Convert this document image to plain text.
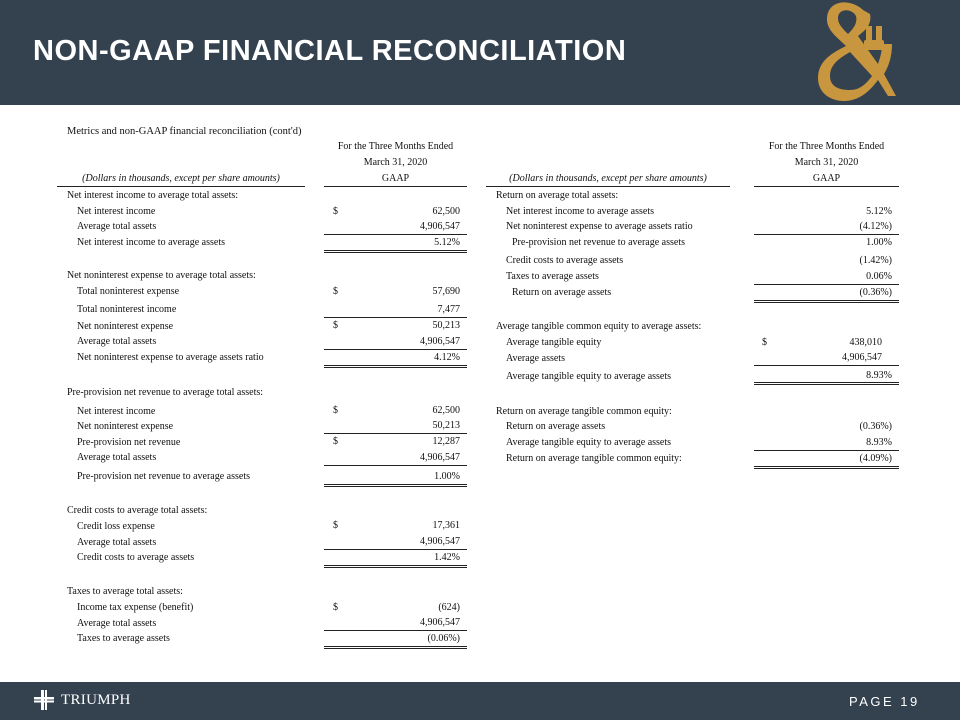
NON-GAAP FINANCIAL RECONCILIATION
Metrics and non-GAAP financial reconciliation (cont'd)
For the Three Months Ended
March 31, 2020
(Dollars in thousands, except per share amounts)	GAAP
For the Three Months Ended
March 31, 2020
(Dollars in thousands, except per share amounts)	GAAP
Net interest income to average total assets:
Net interest income	$	62,500
Average total assets	4,906,547
Net interest income to average assets	5.12%
Net noninterest expense to average total assets:
Total noninterest expense	$	57,690
Total noninterest income	7,477
Net noninterest expense	$	50,213
Average total assets	4,906,547
Net noninterest expense to average assets ratio	4.12%
Pre-provision net revenue to average total assets:
Net interest income	$	62,500
Net noninterest expense	50,213
Pre-provision net revenue	$	12,287
Average total assets	4,906,547
Pre-provision net revenue to average assets	1.00%
Credit costs to average total assets:
Credit loss expense	$	17,361
Average total assets	4,906,547
Credit costs to average assets	1.42%
Taxes to average total assets:
Income tax expense (benefit)	$	(624)
Average total assets	4,906,547
Taxes to average assets	(0.06%)
Return on average total assets:
Net interest income to average assets	5.12%
Net noninterest expense to average assets ratio	(4.12%)
Pre-provision net revenue to average assets	1.00%
Credit costs to average assets	(1.42%)
Taxes to average assets	0.06%
Return on average assets	(0.36%)
Average tangible common equity to average assets:
Average tangible equity	$	438,010
Average assets	4,906,547
Average tangible equity to average assets	8.93%
Return on average tangible common equity:
Return on average assets	(0.36%)
Average tangible equity to average assets	8.93%
Return on average tangible common equity:	(4.09%)
TRIUMPH	PAGE 19
